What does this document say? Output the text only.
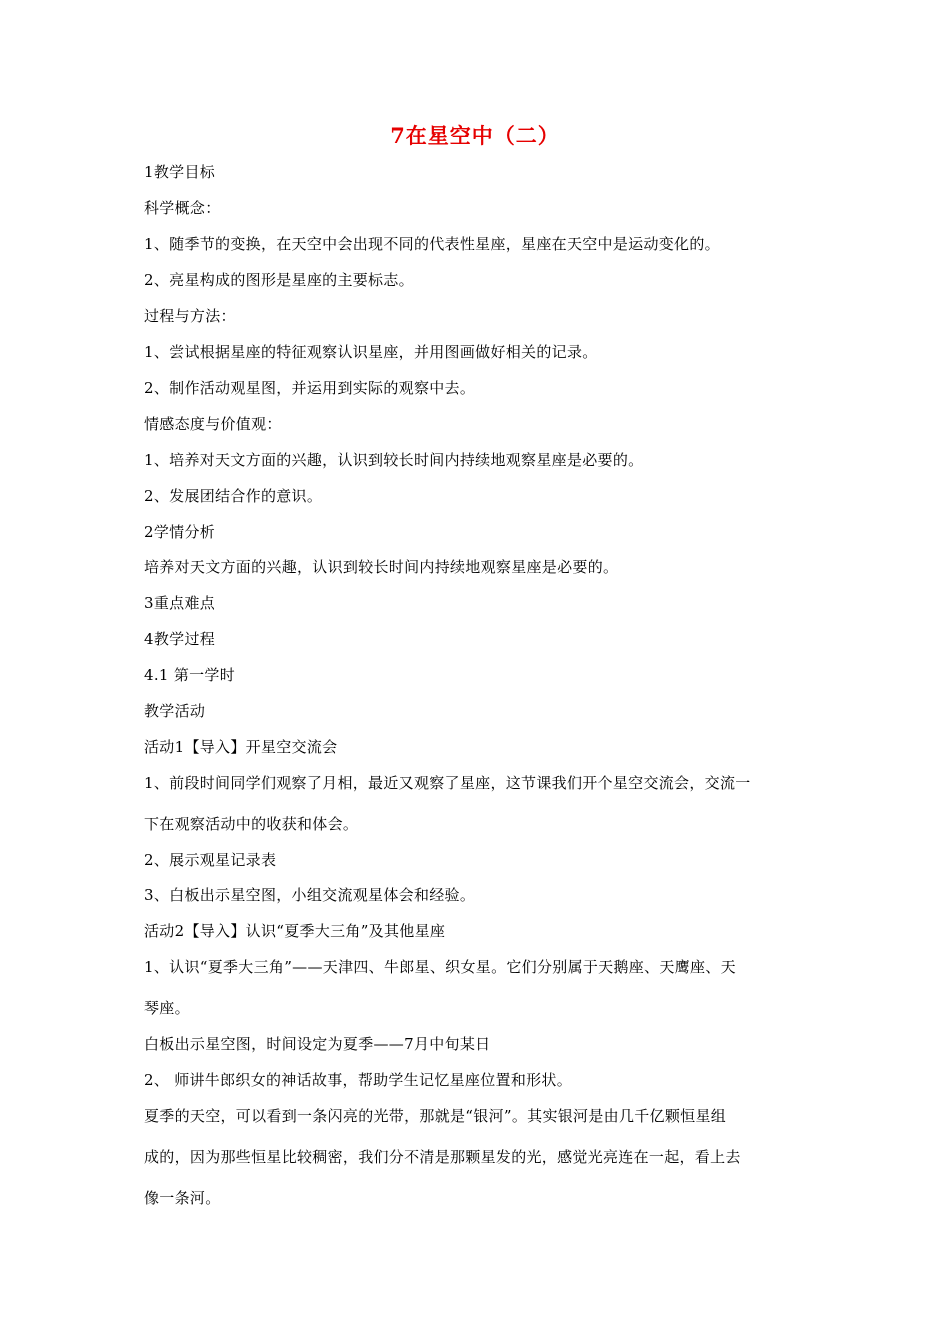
7在星空中（二）
1教学目标
科学概念：
1、随季节的变换，在天空中会出现不同的代表性星座，星座在天空中是运动变化的。
2、亮星构成的图形是星座的主要标志。
过程与方法：
1、尝试根据星座的特征观察认识星座，并用图画做好相关的记录。
2、制作活动观星图，并运用到实际的观察中去。
情感态度与价值观：
1、培养对天文方面的兴趣，认识到较长时间内持续地观察星座是必要的。
2、发展团结合作的意识。
2学情分析
培养对天文方面的兴趣，认识到较长时间内持续地观察星座是必要的。
3重点难点
4教学过程
4.1 第一学时
教学活动
活动1【导入】开星空交流会
1、前段时间同学们观察了月相，最近又观察了星座，这节课我们开个星空交流会，交流一
下在观察活动中的收获和体会。
2、展示观星记录表
3、白板出示星空图，小组交流观星体会和经验。
活动2【导入】认识“夏季大三角”及其他星座
1、认识“夏季大三角”——天津四、牛郎星、织女星。它们分别属于天鹅座、天鹰座、天
琴座。
白板出示星空图，时间设定为夏季——7月中旬某日
2、 师讲牛郎织女的神话故事，帮助学生记忆星座位置和形状。
夏季的天空，可以看到一条闪亮的光带，那就是“银河”。其实银河是由几千亿颗恒星组
成的，因为那些恒星比较稠密，我们分不清是那颗星发的光，感觉光亮连在一起，看上去
像一条河。
